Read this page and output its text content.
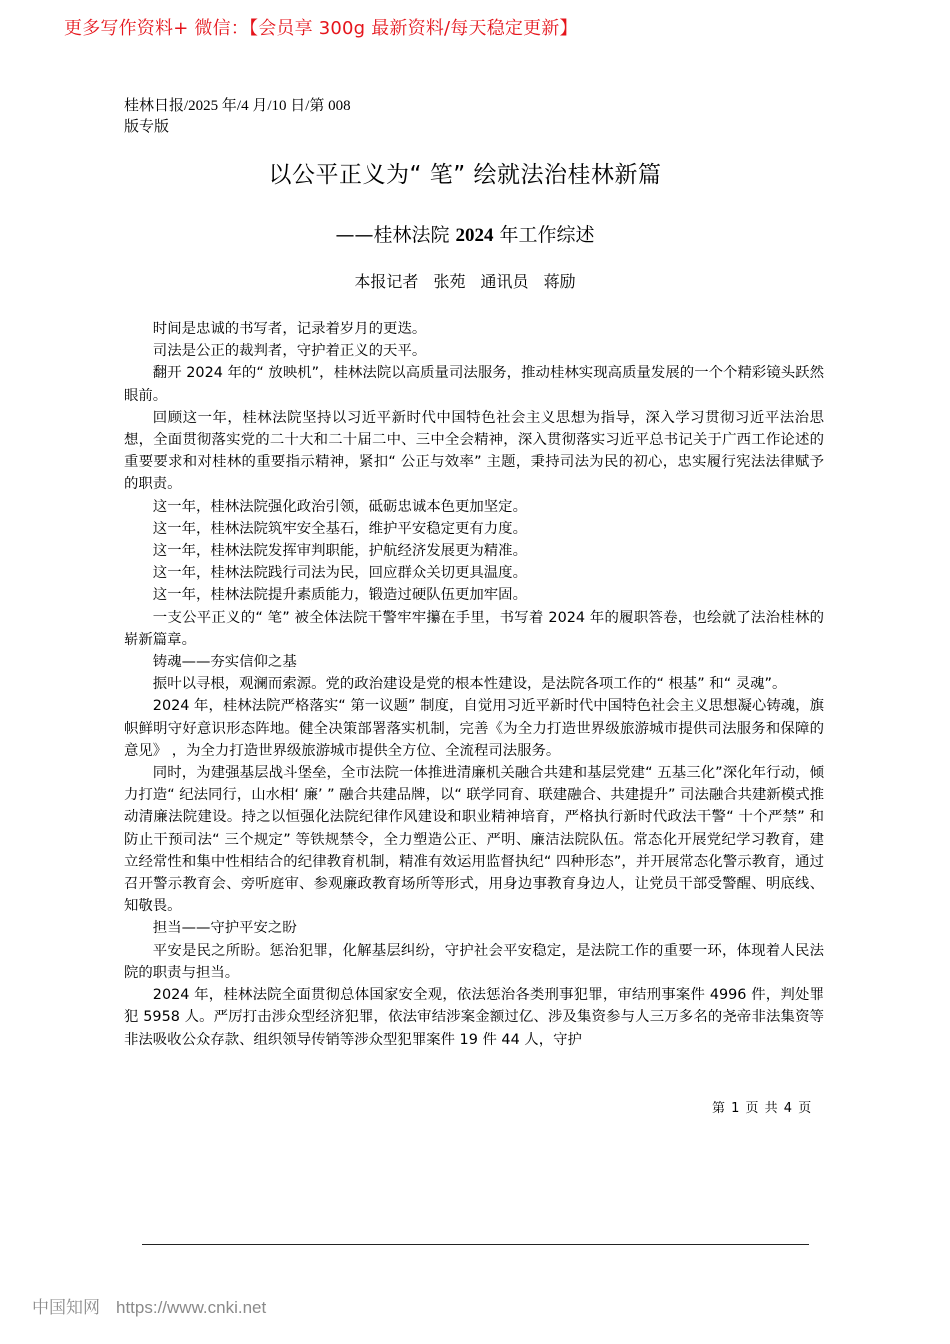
更多写作资料+ 微信：【会员享 300g 最新资料/每天稳定更新】
桂林日报/2025 年/4 月/10 日/第 008
版专版
以公平正义为“ 笔” 绘就法治桂林新篇
——桂林法院 2024 年工作综述
本报记者 张苑 通讯员 蒋励

时间是忠诚的书写者，记录着岁月的更迭。

司法是公正的裁判者，守护着正义的天平。

翻开 2024 年的“ 放映机”，桂林法院以高质量司法服务，推动桂林实现高质量发展的一个个精彩镜头跃然眼前。

回顾这一年，桂林法院坚持以习近平新时代中国特色社会主义思想为指导，深入学习贯彻习近平法治思想，全面贯彻落实党的二十大和二十届二中、三中全会精神，深入贯彻落实习近平总书记关于广西工作论述的重要要求和对桂林的重要指示精神，紧扣“ 公正与效率” 主题，秉持司法为民的初心，忠实履行宪法法律赋予的职责。

这一年，桂林法院强化政治引领，砥砺忠诚本色更加坚定。

这一年，桂林法院筑牢安全基石，维护平安稳定更有力度。

这一年，桂林法院发挥审判职能，护航经济发展更为精准。

这一年，桂林法院践行司法为民，回应群众关切更具温度。

这一年，桂林法院提升素质能力，锻造过硬队伍更加牢固。

一支公平正义的“ 笔” 被全体法院干警牢牢攥在手里，书写着 2024 年的履职答卷，也绘就了法治桂林的崭新篇章。

铸魂——夯实信仰之基

振叶以寻根，观澜而索源。党的政治建设是党的根本性建设，是法院各项工作的“ 根基” 和“ 灵魂”。

2024 年，桂林法院严格落实“ 第一议题” 制度，自觉用习近平新时代中国特色社会主义思想凝心铸魂，旗帜鲜明守好意识形态阵地。健全决策部署落实机制，完善《为全力打造世界级旅游城市提供司法服务和保障的意见》 ，为全力打造世界级旅游城市提供全方位、全流程司法服务。

同时，为建强基层战斗堡垒，全市法院一体推进清廉机关融合共建和基层党建“ 五基三化”深化年行动，倾力打造“ 纪法同行，山水相‘ 廉’ ” 融合共建品牌，以“ 联学同育、联建融合、共建提升” 司法融合共建新模式推动清廉法院建设。持之以恒强化法院纪律作风建设和职业精神培育，严格执行新时代政法干警“ 十个严禁” 和防止干预司法“ 三个规定” 等铁规禁令，全力塑造公正、严明、廉洁法院队伍。常态化开展党纪学习教育，建立经常性和集中性相结合的纪律教育机制，精准有效运用监督执纪“ 四种形态”，并开展常态化警示教育，通过召开警示教育会、旁听庭审、参观廉政教育场所等形式，用身边事教育身边人，让党员干部受警醒、明底线、知敬畏。

担当——守护平安之盼

平安是民之所盼。惩治犯罪，化解基层纠纷，守护社会平安稳定，是法院工作的重要一环，体现着人民法院的职责与担当。

2024 年，桂林法院全面贯彻总体国家安全观，依法惩治各类刑事犯罪，审结刑事案件 4996 件，判处罪犯 5958 人。严厉打击涉众型经济犯罪，依法审结涉案金额过亿、涉及集资参与人三万多名的尧帝非法集资等非法吸收公众存款、组织领导传销等涉众型犯罪案件 19 件 44 人，守护

第 1 页 共 4 页
中国知网 https://www.cnki.net
